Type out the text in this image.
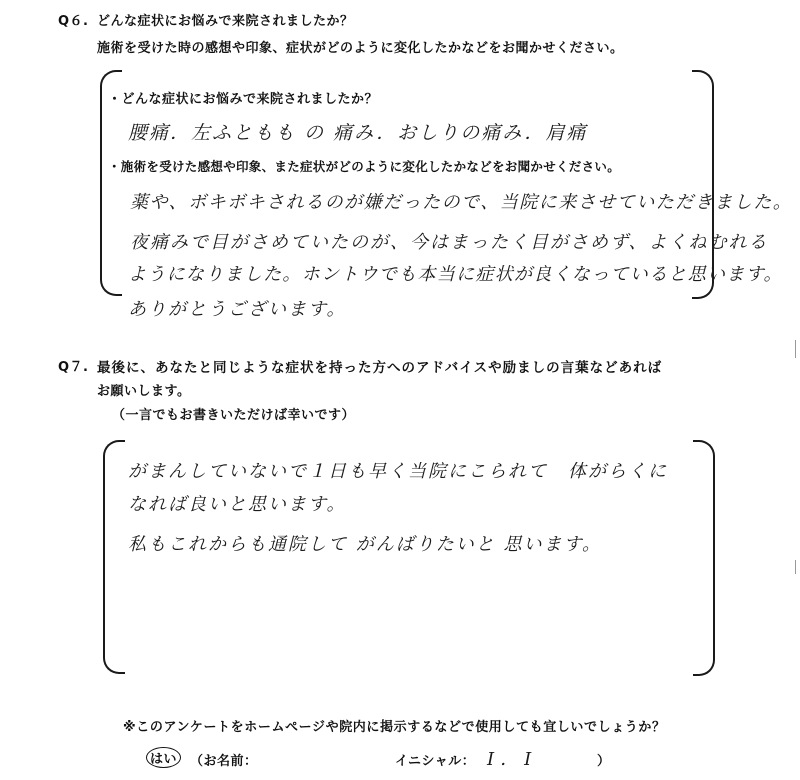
Q６. どんな症状にお悩みで来院されましたか？
施術を受けた時の感想や印象、症状がどのように変化したかなどをお聞かせください。
・どんな症状にお悩みで来院されましたか？
腰痛．左ふともも の 痛み．おしりの痛み．肩痛
・施術を受けた感想や印象、また症状がどのように変化したかなどをお聞かせください。
薬や、ボキボキされるのが嫌だったので、当院に来させていただきました。
夜痛みで目がさめていたのが、今はまったく目がさめず、よくねむれる
ようになりました。ホントウでも本当に症状が良くなっていると思います。
ありがとうございます。
Q７. 最後に、あなたと同じような症状を持った方へのアドバイスや励ましの言葉などあれば
お願いします。
（一言でもお書きいただけば幸いです）
がまんしていないで１日も早く当院にこられて　体がらくに
なれば良いと思います。
私もこれからも通院して がんばりたいと 思います。
※このアンケートをホームページや院内に掲示するなどで使用しても宜しいでしょうか？
はい （お名前：	イニシャル： I．I	）
